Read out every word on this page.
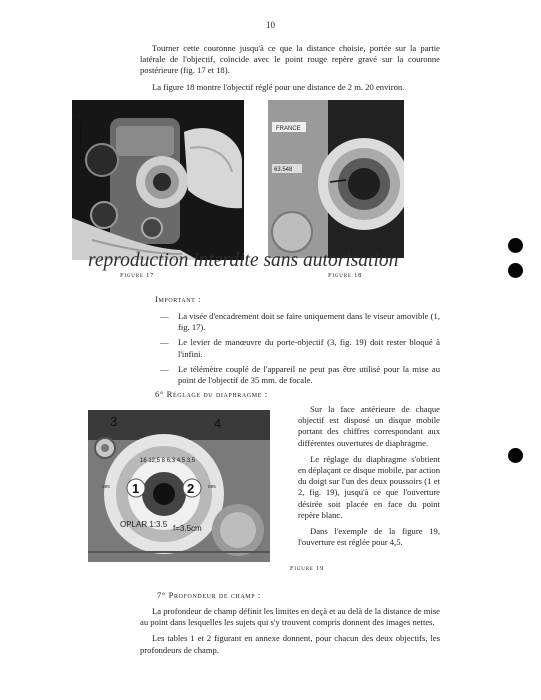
10

Tourner cette couronne jusqu'à ce que la distance choisie, portée sur la partie latérale de l'objectif, coïncide avec le point rouge repère gravé sur la couronne postérieure (fig. 17 et 18).

La figure 18 montre l'objectif réglé pour une distance de 2 m. 20 environ.

1
FRANCE
63.548
reproduction interdite sans autorisation
Figure 17	Figure 18
Important :
— La visée d'encadrement doit se faire uniquement dans le viseur amovible (1, fig. 17).
— Le levier de manœuvre du porte-objectif (3, fig. 19) doit rester bloqué à l'infini.
— Le télémètre couplé de l'appareil ne peut pas être utilisé pour la mise au point de l'objectif de 35 mm. de focale.
6° Réglage du diaphragme :
16 12,5 8 6,3 4,5 3,5
ces	ces
OPLAR 1:3.5 f=3.5cm
3	4
1	2
Figure 19

Sur la face antérieure de chaque objectif est disposé un disque mobile portant des chiffres correspondant aux différentes ouvertures de diaphragme.

Le réglage du diaphragme s'obtient en déplaçant ce disque mobile, par action du doigt sur l'un des deux poussoirs (1 et 2, fig. 19), jusqu'à ce que l'ouverture désirée soit placée en face du point repère blanc.

Dans l'exemple de la figure 19, l'ouverture est réglée pour 4,5.

7° Profondeur de champ :

La profondeur de champ définit les limites en deçà et au delà de la distance de mise au point dans lesquelles les sujets qui s'y trouvent compris donnent des images nettes.

Les tables 1 et 2 figurant en annexe donnent, pour chacun des deux objectifs, les profondeurs de champ.
